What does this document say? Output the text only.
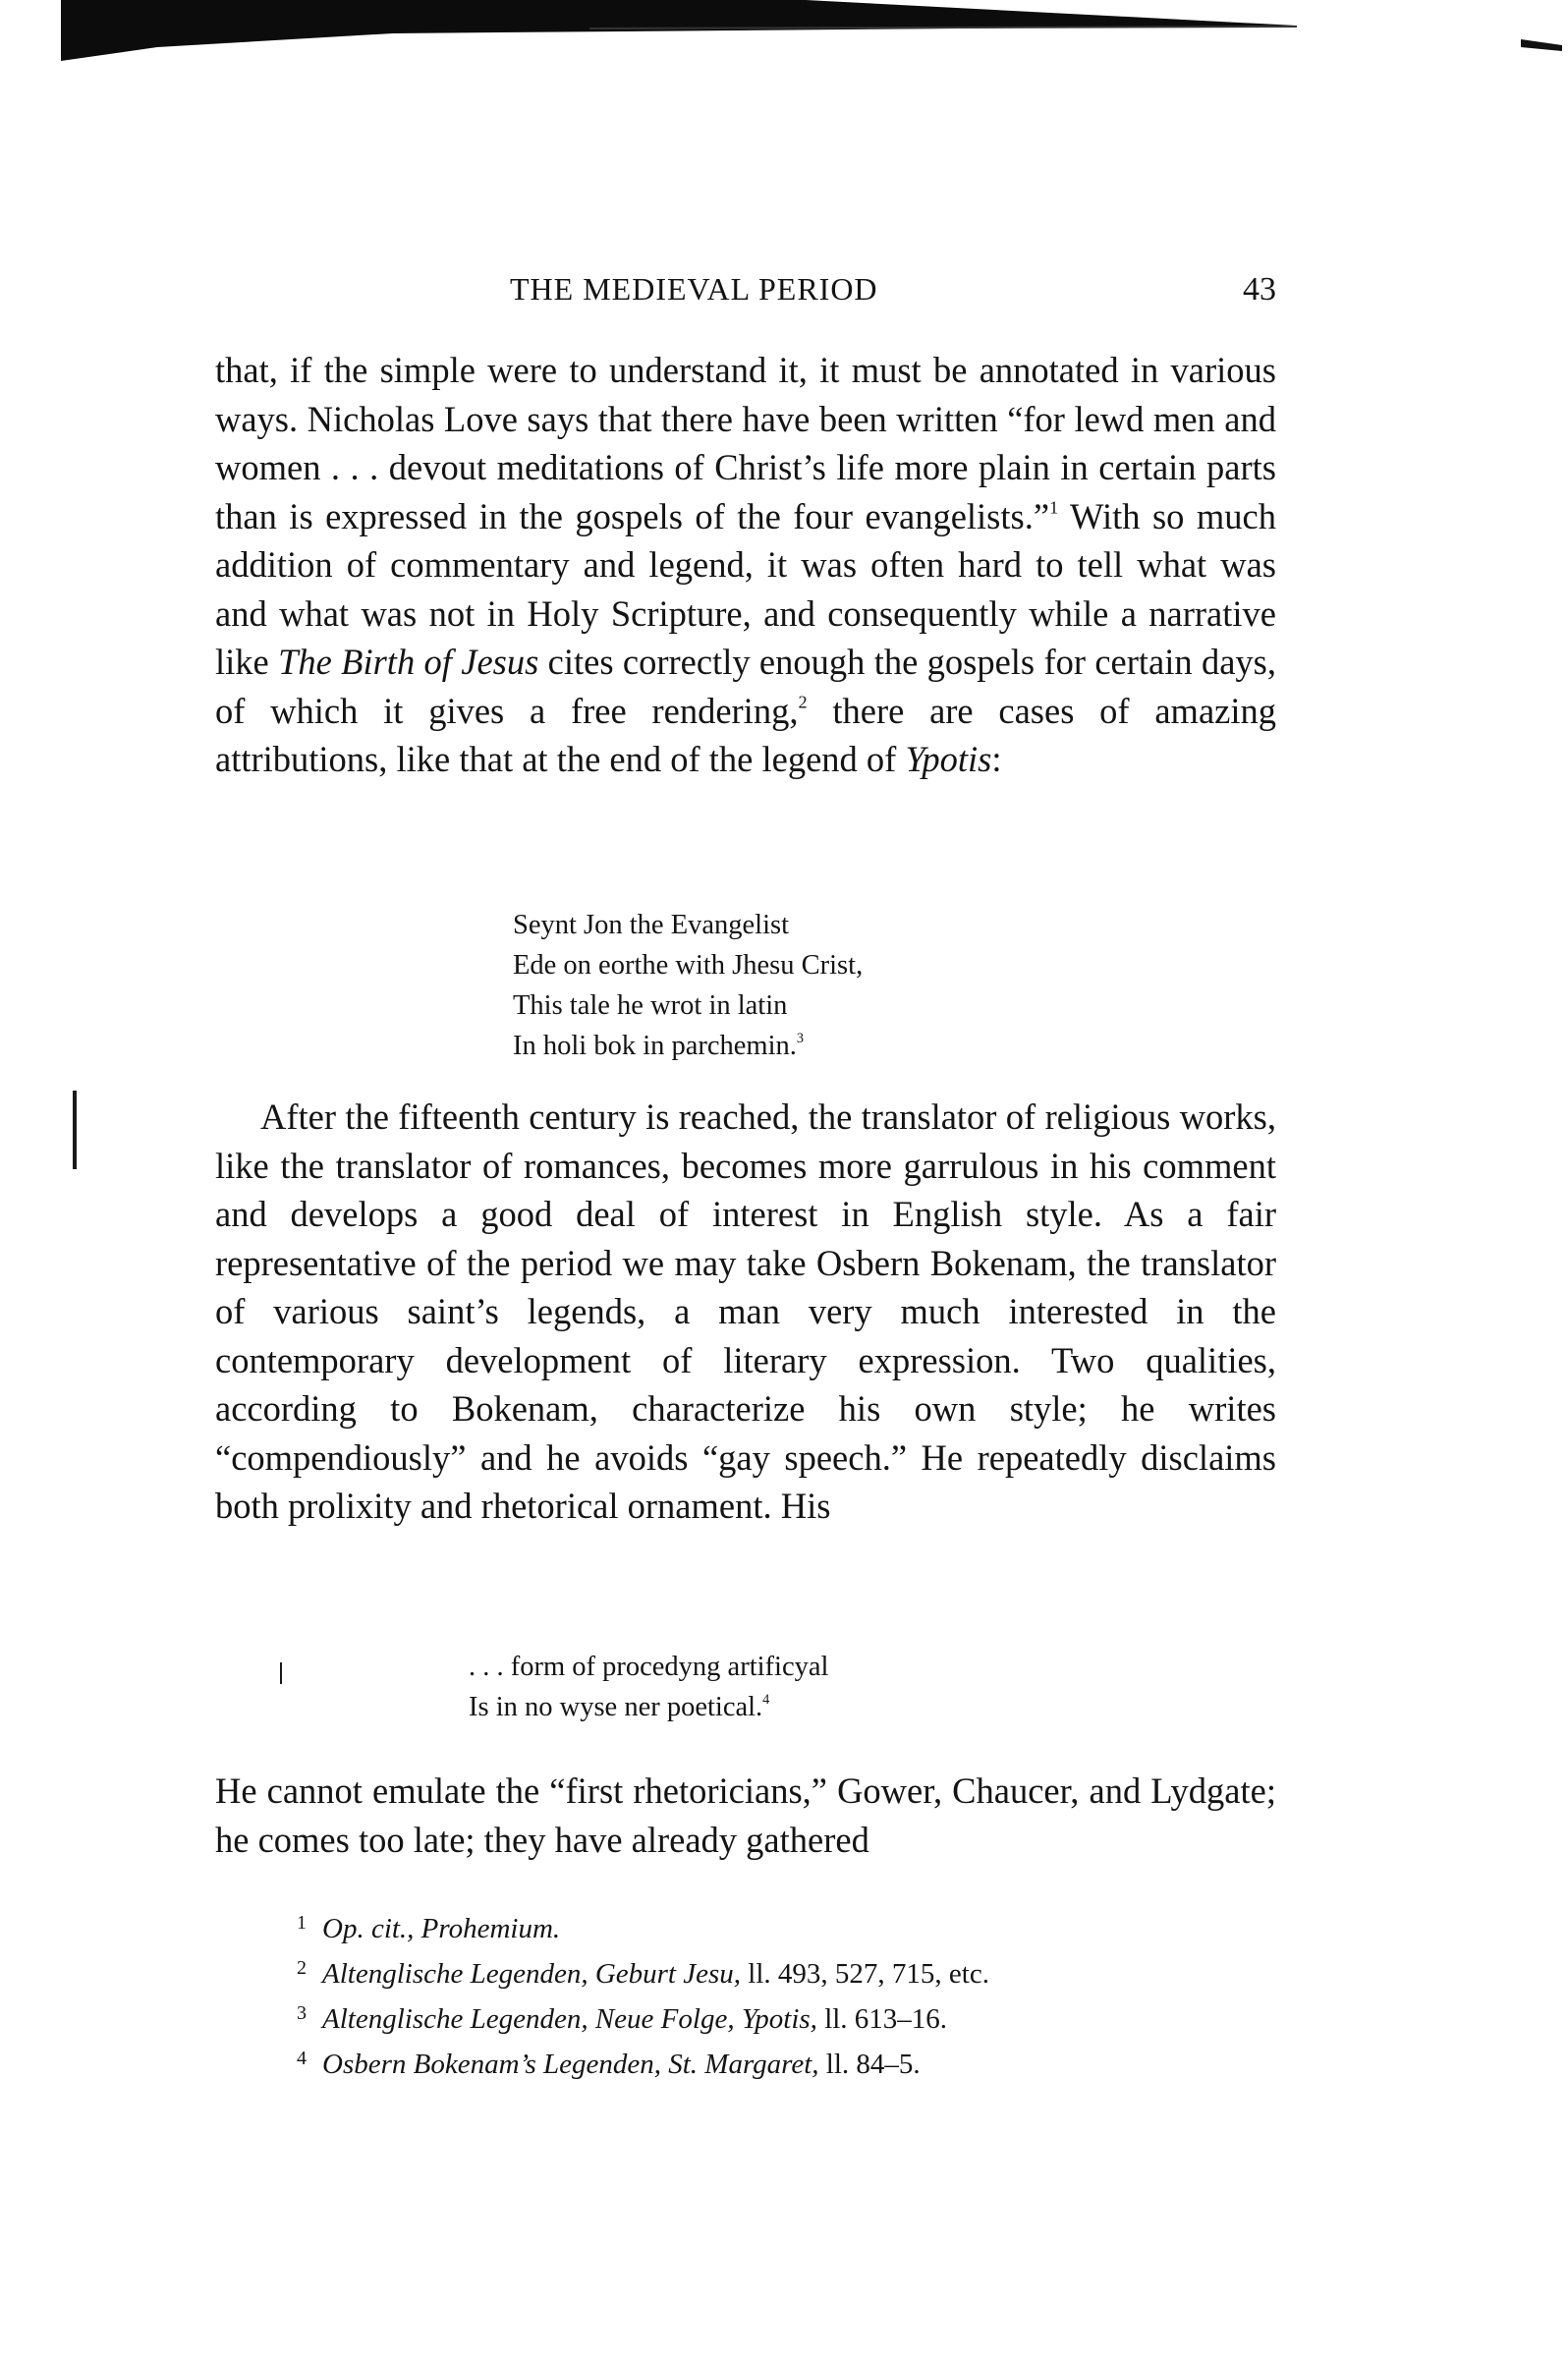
THE MEDIEVAL PERIOD	43

that, if the simple were to understand it, it must be annotated in various ways. Nicholas Love says that there have been written “for lewd men and women . . . devout meditations of Christ’s life more plain in certain parts than is expressed in the gospels of the four evangelists.”$^1$ With so much addition of commentary and legend, it was often hard to tell what was and what was not in Holy Scripture, and consequently while a narrative like The Birth of Jesus cites correctly enough the gospels for certain days, of which it gives a free rendering,$^2$ there are cases of amazing attributions, like that at the end of the legend of Ypotis:

Seynt Jon the Evangelist
Ede on eorthe with Jhesu Crist,
This tale he wrot in latin
In holi bok in parchemin.$^3$

After the fifteenth century is reached, the translator of religious works, like the translator of romances, becomes more garrulous in his comment and develops a good deal of interest in English style. As a fair representative of the period we may take Osbern Bokenam, the translator of various saint’s legends, a man very much interested in the contemporary development of literary expression. Two qualities, according to Bokenam, characterize his own style; he writes “compendiously” and he avoids “gay speech.” He repeatedly disclaims both prolixity and rhetorical ornament. His

. . . form of procedyng artificyal
Is in no wyse ner poetical.$^4$

He cannot emulate the “first rhetoricians,” Gower, Chaucer, and Lydgate; he comes too late; they have already gathered

1 Op. cit., Prohemium.
2 Altenglische Legenden, Geburt Jesu, ll. 493, 527, 715, etc.
3 Altenglische Legenden, Neue Folge, Ypotis, ll. 613–16.
4 Osbern Bokenam’s Legenden, St. Margaret, ll. 84–5.
